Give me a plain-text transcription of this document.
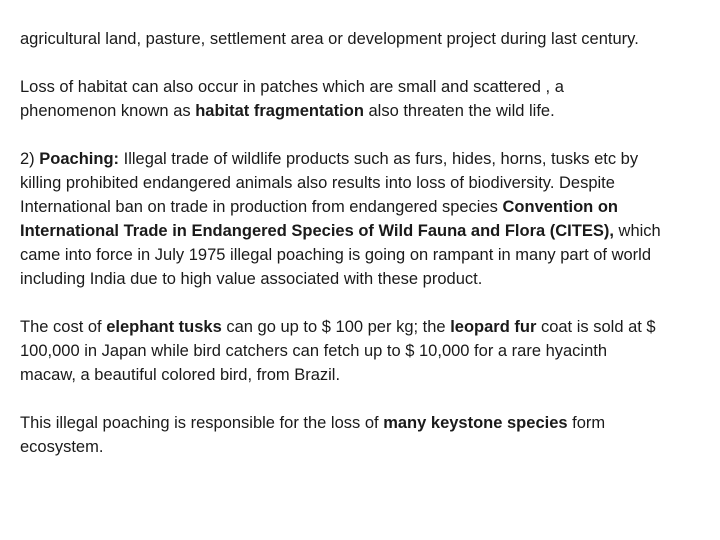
agricultural land, pasture, settlement area or development project during last century.

Loss of habitat can also occur in patches which are small and scattered , a
phenomenon known as habitat fragmentation also threaten the wild life.

2) Poaching: Illegal trade of wildlife products such as furs, hides, horns, tusks etc by
killing prohibited endangered animals also results into loss of biodiversity. Despite
International ban on trade in production from endangered species Convention on
International Trade in Endangered Species of Wild Fauna and Flora (CITES), which
came into force in July 1975 illegal poaching is going on rampant in many part of world
including India due to high value associated with these product.

The cost of elephant tusks can go up to $ 100 per kg; the leopard fur coat is sold at $
100,000 in Japan while bird catchers can fetch up to $ 10,000 for a rare hyacinth
macaw, a beautiful colored bird, from Brazil.

This illegal poaching is responsible for the loss of many keystone species form
ecosystem.
